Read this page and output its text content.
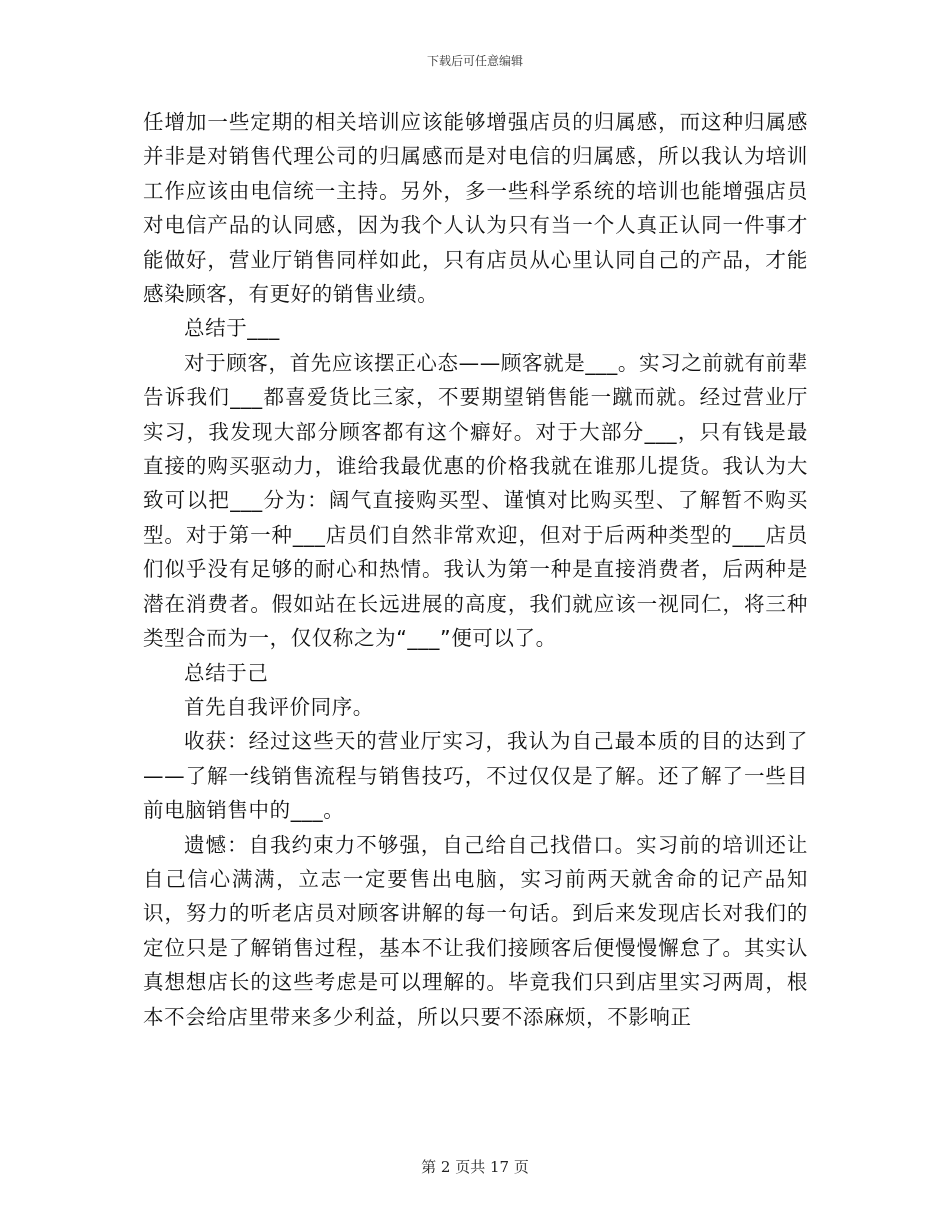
下载后可任意编辑

任增加一些定期的相关培训应该能够增强店员的归属感，而这种归属感并非是对销售代理公司的归属感而是对电信的归属感，所以我认为培训工作应该由电信统一主持。另外，多一些科学系统的培训也能增强店员对电信产品的认同感，因为我个人认为只有当一个人真正认同一件事才能做好，营业厅销售同样如此，只有店员从心里认同自己的产品，才能感染顾客，有更好的销售业绩。

总结于___

对于顾客，首先应该摆正心态——顾客就是___。实习之前就有前辈告诉我们___都喜爱货比三家，不要期望销售能一蹴而就。经过营业厅实习，我发现大部分顾客都有这个癖好。对于大部分___，只有钱是最直接的购买驱动力，谁给我最优惠的价格我就在谁那儿提货。我认为大致可以把___分为：阔气直接购买型、谨慎对比购买型、了解暂不购买型。对于第一种___店员们自然非常欢迎，但对于后两种类型的___店员们似乎没有足够的耐心和热情。我认为第一种是直接消费者，后两种是潜在消费者。假如站在长远进展的高度，我们就应该一视同仁，将三种类型合而为一，仅仅称之为“___”便可以了。

总结于己

首先自我评价同序。

收获：经过这些天的营业厅实习，我认为自己最本质的目的达到了——了解一线销售流程与销售技巧，不过仅仅是了解。还了解了一些目前电脑销售中的___。

遗憾：自我约束力不够强，自己给自己找借口。实习前的培训还让自己信心满满，立志一定要售出电脑，实习前两天就舍命的记产品知识，努力的听老店员对顾客讲解的每一句话。到后来发现店长对我们的定位只是了解销售过程，基本不让我们接顾客后便慢慢懈怠了。其实认真想想店长的这些考虑是可以理解的。毕竟我们只到店里实习两周，根本不会给店里带来多少利益，所以只要不添麻烦，不影响正

第 2 页共 17 页
